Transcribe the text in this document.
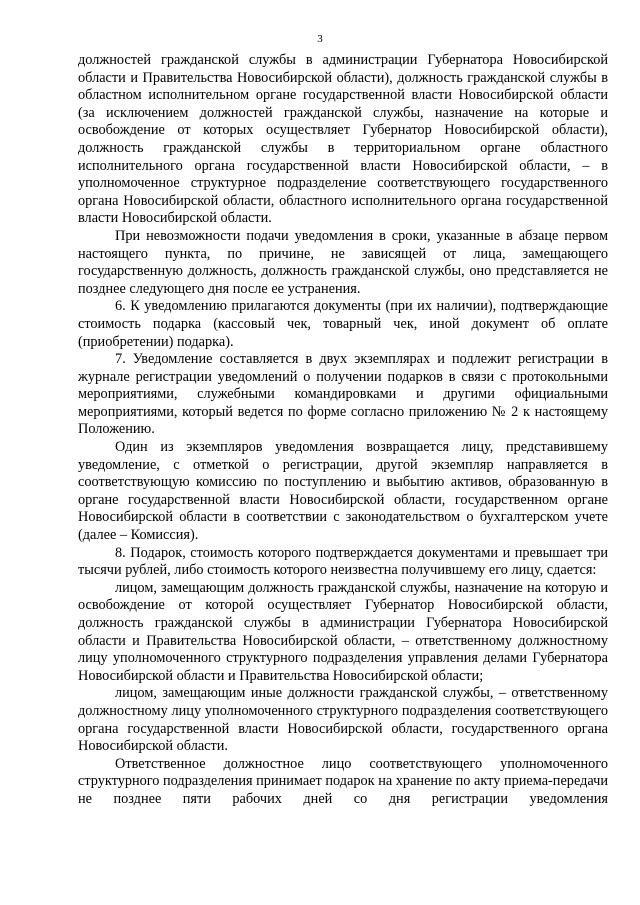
3

должностей гражданской службы в администрации Губернатора Новосибирской области и Правительства Новосибирской области), должность гражданской службы в областном исполнительном органе государственной власти Новосибирской области (за исключением должностей гражданской службы, назначение на которые и освобождение от которых осуществляет Губернатор Новосибирской области), должность гражданской службы в территориальном органе областного исполнительного органа государственной власти Новосибирской области, – в уполномоченное структурное подразделение соответствующего государственного органа Новосибирской области, областного исполнительного органа государственной власти Новосибирской области.

При невозможности подачи уведомления в сроки, указанные в абзаце первом настоящего пункта, по причине, не зависящей от лица, замещающего государственную должность, должность гражданской службы, оно представляется не позднее следующего дня после ее устранения.

6. К уведомлению прилагаются документы (при их наличии), подтверждающие стоимость подарка (кассовый чек, товарный чек, иной документ об оплате (приобретении) подарка).

7. Уведомление составляется в двух экземплярах и подлежит регистрации в журнале регистрации уведомлений о получении подарков в связи с протокольными мероприятиями, служебными командировками и другими официальными мероприятиями, который ведется по форме согласно приложению № 2 к настоящему Положению.

Один из экземпляров уведомления возвращается лицу, представившему уведомление, с отметкой о регистрации, другой экземпляр направляется в соответствующую комиссию по поступлению и выбытию активов, образованную в органе государственной власти Новосибирской области, государственном органе Новосибирской области в соответствии с законодательством о бухгалтерском учете (далее – Комиссия).

8. Подарок, стоимость которого подтверждается документами и превышает три тысячи рублей, либо стоимость которого неизвестна получившему его лицу, сдается:

лицом, замещающим должность гражданской службы, назначение на которую и освобождение от которой осуществляет Губернатор Новосибирской области, должность гражданской службы в администрации Губернатора Новосибирской области и Правительства Новосибирской области, – ответственному должностному лицу уполномоченного структурного подразделения управления делами Губернатора Новосибирской области и Правительства Новосибирской области;

лицом, замещающим иные должности гражданской службы, – ответственному должностному лицу уполномоченного структурного подразделения соответствующего органа государственной власти Новосибирской области, государственного органа Новосибирской области.

Ответственное должностное лицо соответствующего уполномоченного структурного подразделения принимает подарок на хранение по акту приема-передачи не позднее пяти рабочих дней со дня регистрации уведомления
